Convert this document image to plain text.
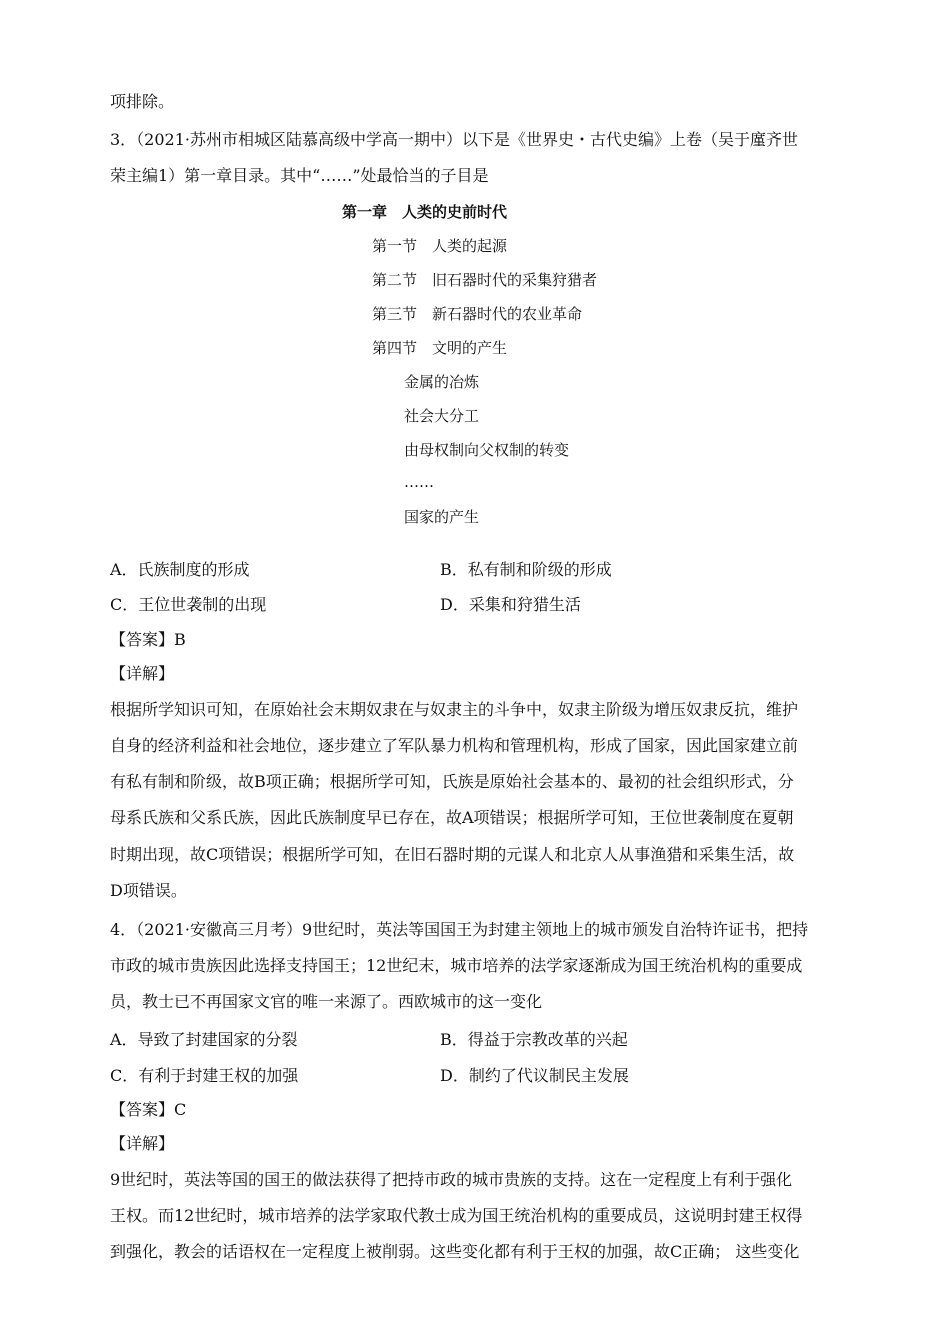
项排除。
3．（2021·苏州市相城区陆慕高级中学高一期中）以下是《世界史・古代史编》上卷（吴于廑齐世
荣主编1）第一章目录。其中“……”处最恰当的子目是
第一章　人类的史前时代
第一节　人类的起源
第二节　旧石器时代的采集狩猎者
第三节　新石器时代的农业革命
第四节　文明的产生
金属的冶炼
社会大分工
由母权制向父权制的转变
……
国家的产生
A．氏族制度的形成	B．私有制和阶级的形成
C．王位世袭制的出现	D．采集和狩猎生活
【答案】B
【详解】
根据所学知识可知，在原始社会末期奴隶在与奴隶主的斗争中，奴隶主阶级为增压奴隶反抗，维护
自身的经济利益和社会地位，逐步建立了军队暴力机构和管理机构，形成了国家，因此国家建立前
有私有制和阶级，故B项正确；根据所学可知，氏族是原始社会基本的、最初的社会组织形式，分
母系氏族和父系氏族，因此氏族制度早已存在，故A项错误；根据所学可知，王位世袭制度在夏朝
时期出现，故C项错误；根据所学可知，在旧石器时期的元谋人和北京人从事渔猎和采集生活，故
D项错误。
4．（2021·安徽高三月考）9世纪时，英法等国国王为封建主领地上的城市颁发自治特许证书，把持
市政的城市贵族因此选择支持国王；12世纪末，城市培养的法学家逐渐成为国王统治机构的重要成
员，教士已不再国家文官的唯一来源了。西欧城市的这一变化
A．导致了封建国家的分裂	B．得益于宗教改革的兴起
C．有利于封建王权的加强	D．制约了代议制民主发展
【答案】C
【详解】
9世纪时，英法等国的国王的做法获得了把持市政的城市贵族的支持。这在一定程度上有利于强化
王权。而12世纪时，城市培养的法学家取代教士成为国王统治机构的重要成员，这说明封建王权得
到强化，教会的话语权在一定程度上被削弱。这些变化都有利于王权的加强，故C正确； 这些变化
